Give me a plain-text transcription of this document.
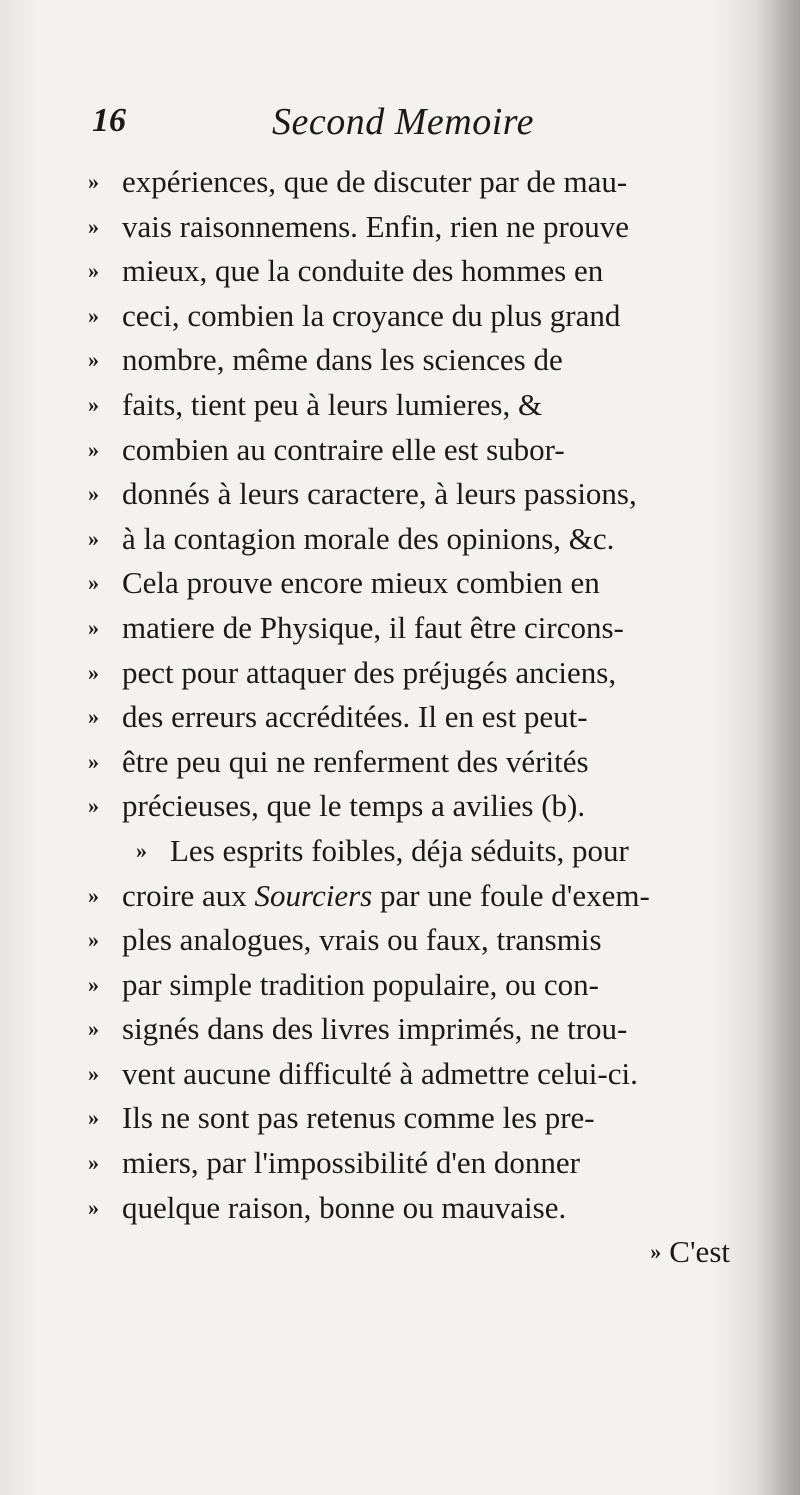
16	Second Memoire
» expériences, que de discuter par de mau-
» vais raisonnemens. Enfin, rien ne prouve
» mieux, que la conduite des hommes en
» ceci, combien la croyance du plus grand
» nombre, même dans les sciences de
» faits, tient peu à leurs lumieres, &
» combien au contraire elle est subor-
» donnés à leurs caractere, à leurs passions,
» à la contagion morale des opinions, &c.
» Cela prouve encore mieux combien en
» matiere de Physique, il faut être circons-
» pect pour attaquer des préjugés anciens,
» des erreurs accréditées. Il en est peut-
» être peu qui ne renferment des vérités
» précieuses, que le temps a avilies (b).
» Les esprits foibles, déja séduits, pour
» croire aux Sourciers par une foule d'exem-
» ples analogues, vrais ou faux, transmis
» par simple tradition populaire, ou con-
» signés dans des livres imprimés, ne trou-
» vent aucune difficulté à admettre celui-ci.
» Ils ne sont pas retenus comme les pre-
» miers, par l'impossibilité d'en donner
» quelque raison, bonne ou mauvaise.
» C'est
